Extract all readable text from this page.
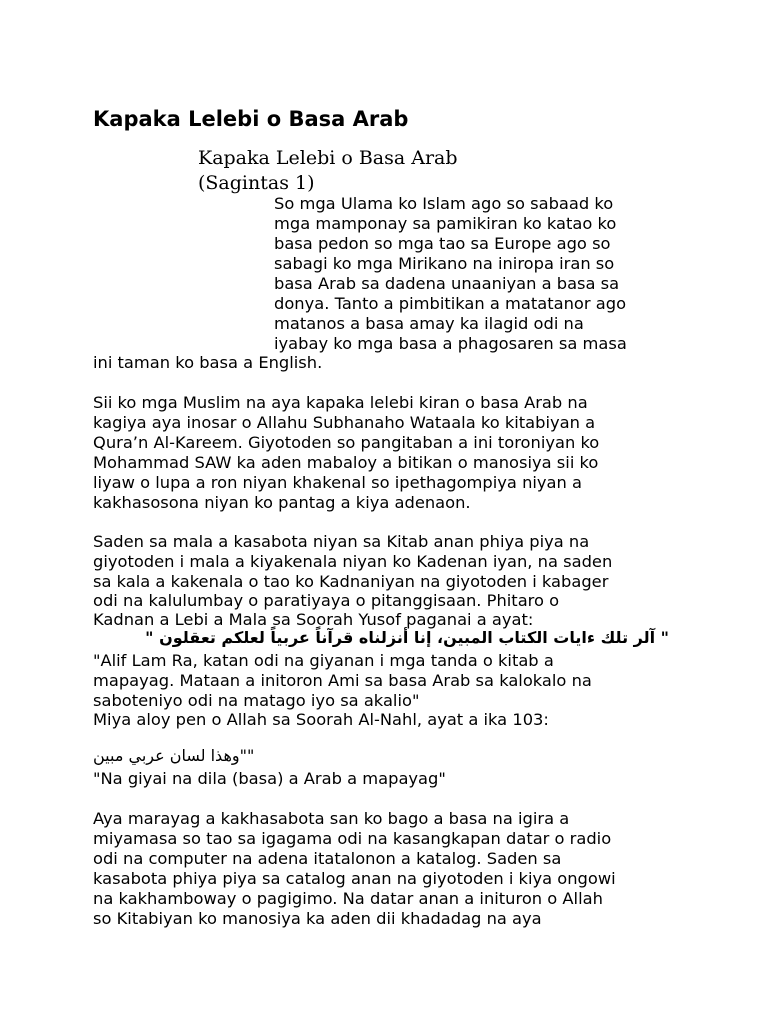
Kapaka Lelebi o Basa Arab
Kapaka Lelebi o Basa Arab
(Sagintas 1)
So mga Ulama ko Islam ago so sabaad ko
mga mamponay sa pamikiran ko katao ko
basa pedon so mga tao sa Europe ago so
sabagi ko mga Mirikano na iniropa iran so
basa Arab sa dadena unaaniyan a basa sa
donya. Tanto a pimbitikan a matatanor ago
matanos a basa amay ka ilagid odi na
iyabay ko mga basa a phagosaren sa masa
ini taman ko basa a English.
Sii ko mga Muslim na aya kapaka lelebi kiran o basa Arab na
kagiya aya inosar o Allahu Subhanaho Wataala ko kitabiyan a
Qura’n Al-Kareem. Giyotoden so pangitaban a ini toroniyan ko
Mohammad SAW ka aden mabaloy a bitikan o manosiya sii ko
liyaw o lupa a ron niyan khakenal so ipethagompiya niyan a
kakhasosona niyan ko pantag a kiya adenaon.
Saden sa mala a kasabota niyan sa Kitab anan phiya piya na
giyotoden i mala a kiyakenala niyan ko Kadenan iyan, na saden
sa kala a kakenala o tao ko Kadnaniyan na giyotoden i kabager
odi na kalulumbay o paratiyaya o pitanggisaan. Phitaro o
Kadnan a Lebi a Mala sa Soorah Yusof paganai a ayat:
" آلر تلك ءايات الكتاب المبين، إنا أنزلناه قرآناً عربياً لعلكم تعقلون "
"Alif Lam Ra, katan odi na giyanan i mga tanda o kitab a
mapayag. Mataan a initoron Ami sa basa Arab sa kalokalo na
saboteniyo odi na matago iyo sa akalio"
Miya aloy pen o Allah sa Soorah Al-Nahl, ayat a ika 103:
""وهذا لسان عربي مبين
"Na giyai na dila (basa) a Arab a mapayag"
Aya marayag a kakhasabota san ko bago a basa na igira a
miyamasa so tao sa igagama odi na kasangkapan datar o radio
odi na computer na adena itatalonon a katalog. Saden sa
kasabota phiya piya sa catalog anan na giyotoden i kiya ongowi
na kakhamboway o pagigimo. Na datar anan a inituron o Allah
so Kitabiyan ko manosiya ka aden dii khadadag na aya
